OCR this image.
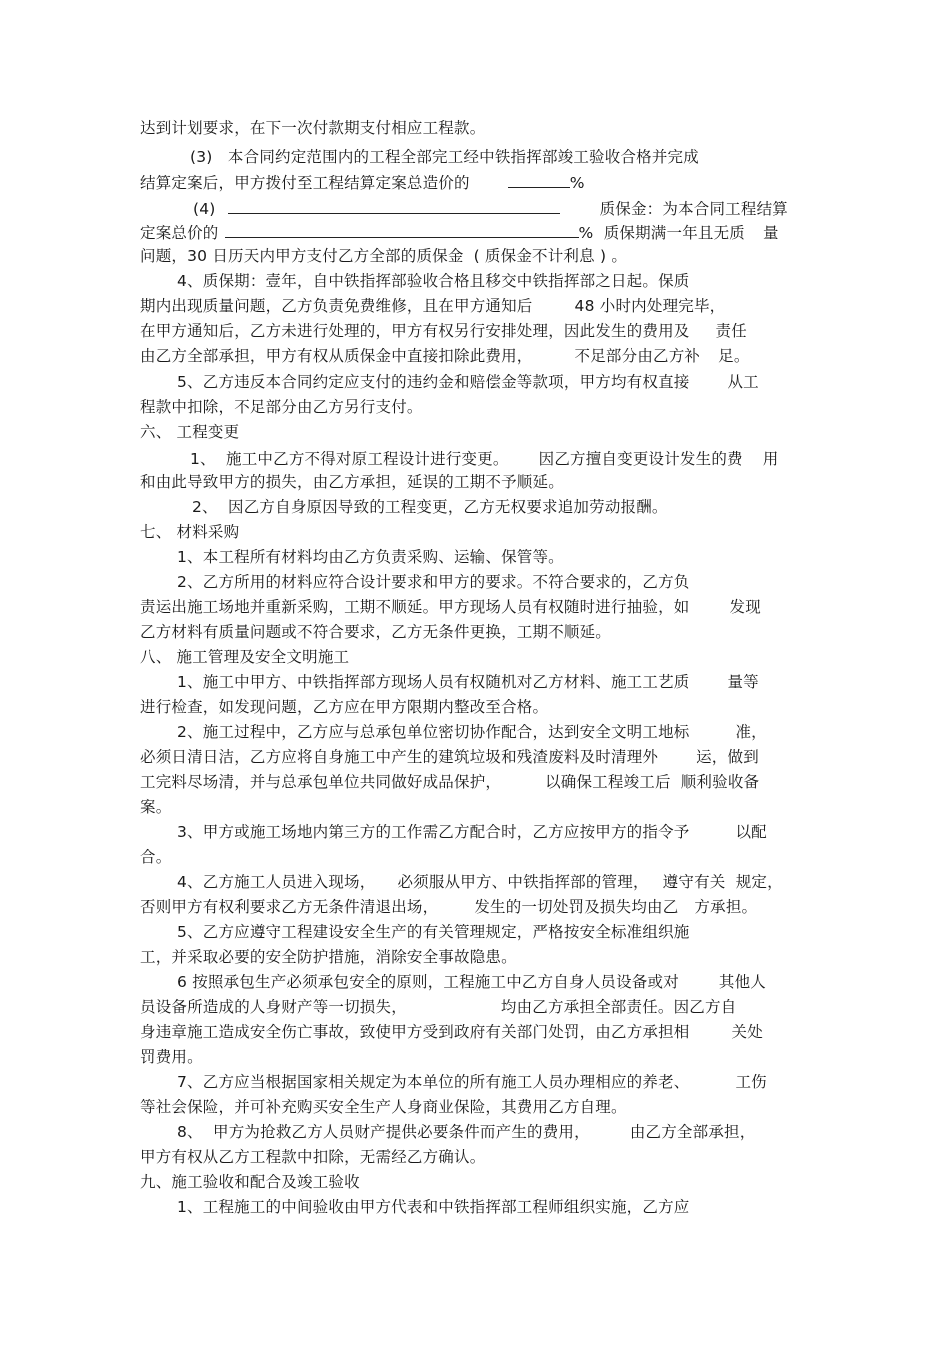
达到计划要求，在下一次付款期支付相应工程款。
(3)   本合同约定范围内的工程全部完工经中铁指挥部竣工验收合格并完成
结算定案后，甲方拨付至工程结算定案总造价的	%
(4)	质保金：为本合同工程结算
定案总价的	%  质保期满一年且无质 量
问题，30 日历天内甲方支付乙方全部的质保金 ( 质保金不计利息 ) 。
4、质保期：壹年，自中铁指挥部验收合格且移交中铁指挥部之日起。保质
期内出现质量问题，乙方负责免费维修，且在甲方通知后	48 小时内处理完毕，
在甲方通知后，乙方未进行处理的，甲方有权另行安排处理，因此发生的费用及 责任
由乙方全部承担，甲方有权从质保金中直接扣除此费用，	不足部分由乙方补 足。
5、乙方违反本合同约定应支付的违约金和赔偿金等款项，甲方均有权直接 从工
程款中扣除，不足部分由乙方另行支付。
六、 工程变更
1、  施工中乙方不得对原工程设计进行变更。 因乙方擅自变更设计发生的费 用
和由此导致甲方的损失，由乙方承担，延误的工期不予顺延。
2、  因乙方自身原因导致的工程变更，乙方无权要求追加劳动报酬。
七、 材料采购
1、本工程所有材料均由乙方负责采购、运输、保管等。
2、乙方所用的材料应符合设计要求和甲方的要求。不符合要求的，乙方负
责运出施工场地并重新采购，工期不顺延。甲方现场人员有权随时进行抽验，如	发现
乙方材料有质量问题或不符合要求，乙方无条件更换，工期不顺延。
八、 施工管理及安全文明施工
1、施工中甲方、中铁指挥部方现场人员有权随机对乙方材料、施工工艺质 量等
进行检查，如发现问题，乙方应在甲方限期内整改至合格。
2、施工过程中，乙方应与总承包单位密切协作配合，达到安全文明工地标	准，
必须日清日洁，乙方应将自身施工中产生的建筑垃圾和残渣废料及时清理外 运，做到
工完料尽场清，并与总承包单位共同做好成品保护，	以确保工程竣工后 顺利验收备
案。
3、甲方或施工场地内第三方的工作需乙方配合时，乙方应按甲方的指令予	以配
合。
4、乙方施工人员进入现场， 必须服从甲方、中铁指挥部的管理， 遵守有关  规定，
否则甲方有权利要求乙方无条件清退出场， 发生的一切处罚及损失均由乙 方承担。
5、乙方应遵守工程建设安全生产的有关管理规定，严格按安全标准组织施
工，并采取必要的安全防护措施，消除安全事故隐患。
6 按照承包生产必须承包安全的原则，工程施工中乙方自身人员设备或对	其他人
员设备所造成的人身财产等一切损失，	均由乙方承担全部责任。因乙方自
身违章施工造成安全伤亡事故，致使甲方受到政府有关部门处罚，由乙方承担相	关处
罚费用。
7、乙方应当根据国家相关规定为本单位的所有施工人员办理相应的养老、	工伤
等社会保险，并可补充购买安全生产人身商业保险，其费用乙方自理。
8、  甲方为抢救乙方人员财产提供必要条件而产生的费用，	由乙方全部承担，
甲方有权从乙方工程款中扣除，无需经乙方确认。
九、施工验收和配合及竣工验收
1、工程施工的中间验收由甲方代表和中铁指挥部工程师组织实施，乙方应
